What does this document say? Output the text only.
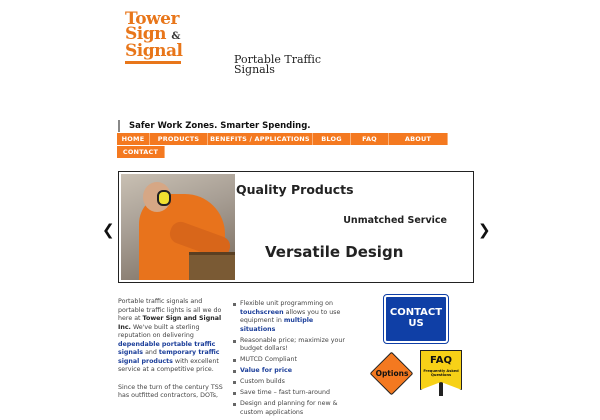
Tower
Sign &
Signal	Portable Traffic Signals
Safer Work Zones. Smarter Spending.
HOME	PRODUCTS	BENEFITS / APPLICATIONS	BLOG	FAQ	ABOUT
CONTACT
❮	❯
Quality Products
Unmatched Service
Versatile Design

Portable traffic signals and portable traffic lights is all we do here at Tower Sign and Signal Inc. We've built a sterling reputation on delivering dependable portable traffic signals and temporary traffic signal products with excellent service at a competitive price.

Since the turn of the century TSS has outfitted contractors, DOTs,

Flexible unit programming on touchscreen allows you to use equipment in multiple situations
Reasonable price; maximize your budget dollars!
MUTCD Compliant
Value for price
Custom builds
Save time – fast turn-around
Design and planning for new & custom applications
CONTACT
US
Options
FAQ
Frequently Asked Questions
